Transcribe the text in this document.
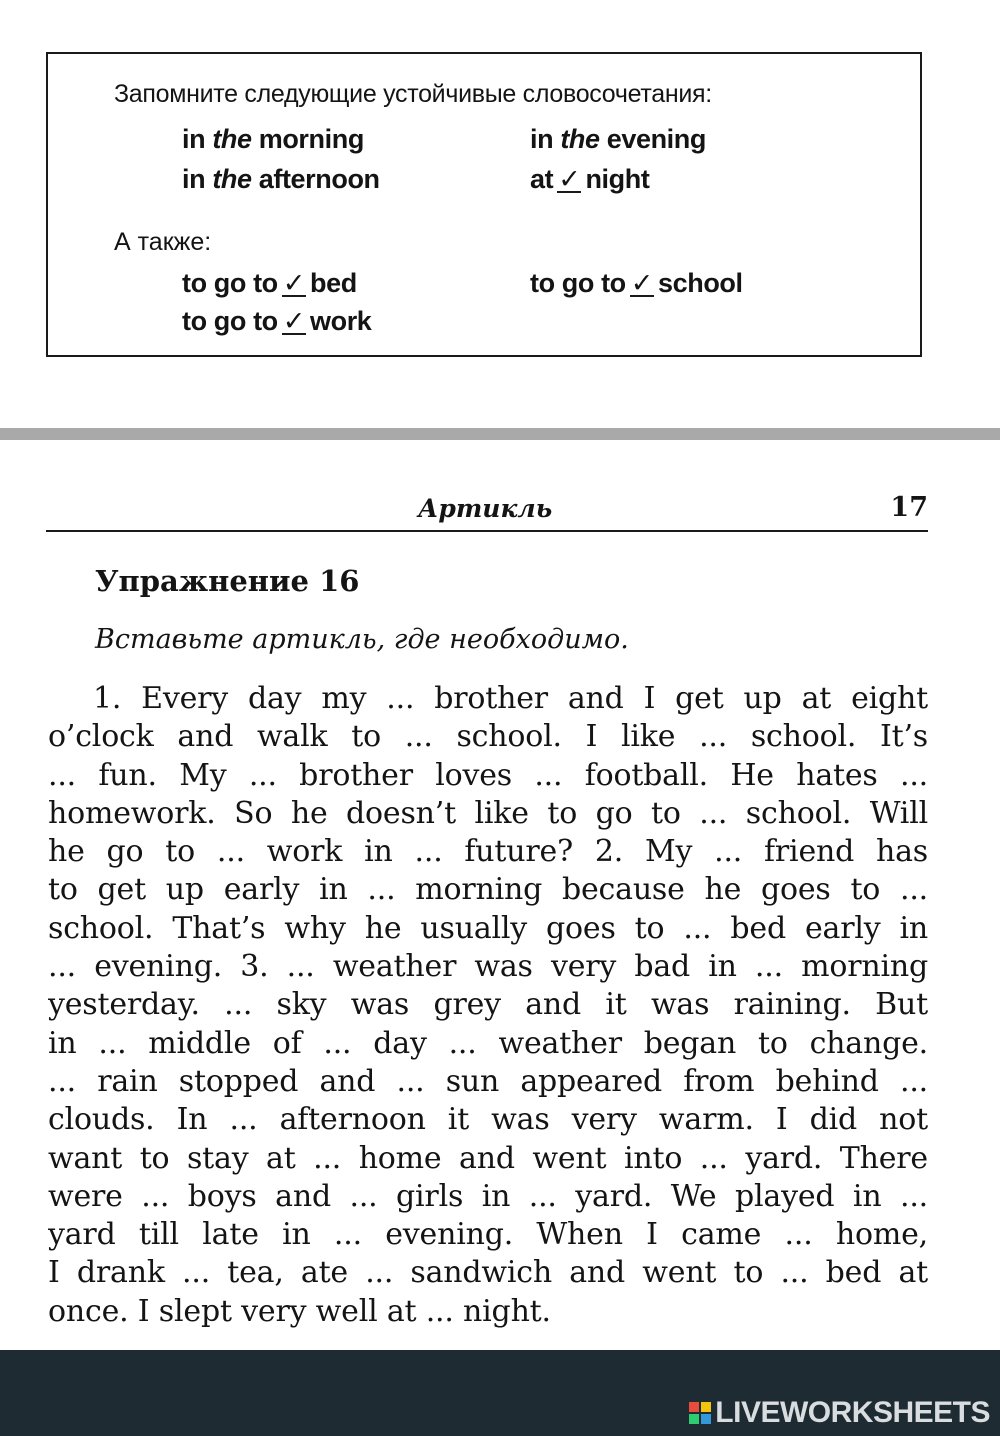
Запомните следующие устойчивые словосочетания:
in the morning	in the evening
in the afternoon	at ✓ night
А также:
to go to ✓ bed	to go to ✓ school
to go to ✓ work
Артикль	17
Упражнение 16
Вставьте артикль, где необходимо.
1. Every day my ... brother and I get up at eight
o’clock and walk to ... school. I like ... school. It’s
... fun. My ... brother loves ... football. He hates ...
homework. So he doesn’t like to go to ... school. Will
he go to ... work in ... future? 2. My ... friend has
to get up early in ... morning because he goes to ...
school. That’s why he usually goes to ... bed early in
... evening. 3. ... weather was very bad in ... morning
yesterday. ... sky was grey and it was raining. But
in ... middle of ... day ... weather began to change.
... rain stopped and ... sun appeared from behind ...
clouds. In ... afternoon it was very warm. I did not
want to stay at ... home and went into ... yard. There
were ... boys and ... girls in ... yard. We played in ...
yard till late in ... evening. When I came ... home,
I drank ... tea, ate ... sandwich and went to ... bed at
once. I slept very well at ... night.
LIVEWORKSHEETS
